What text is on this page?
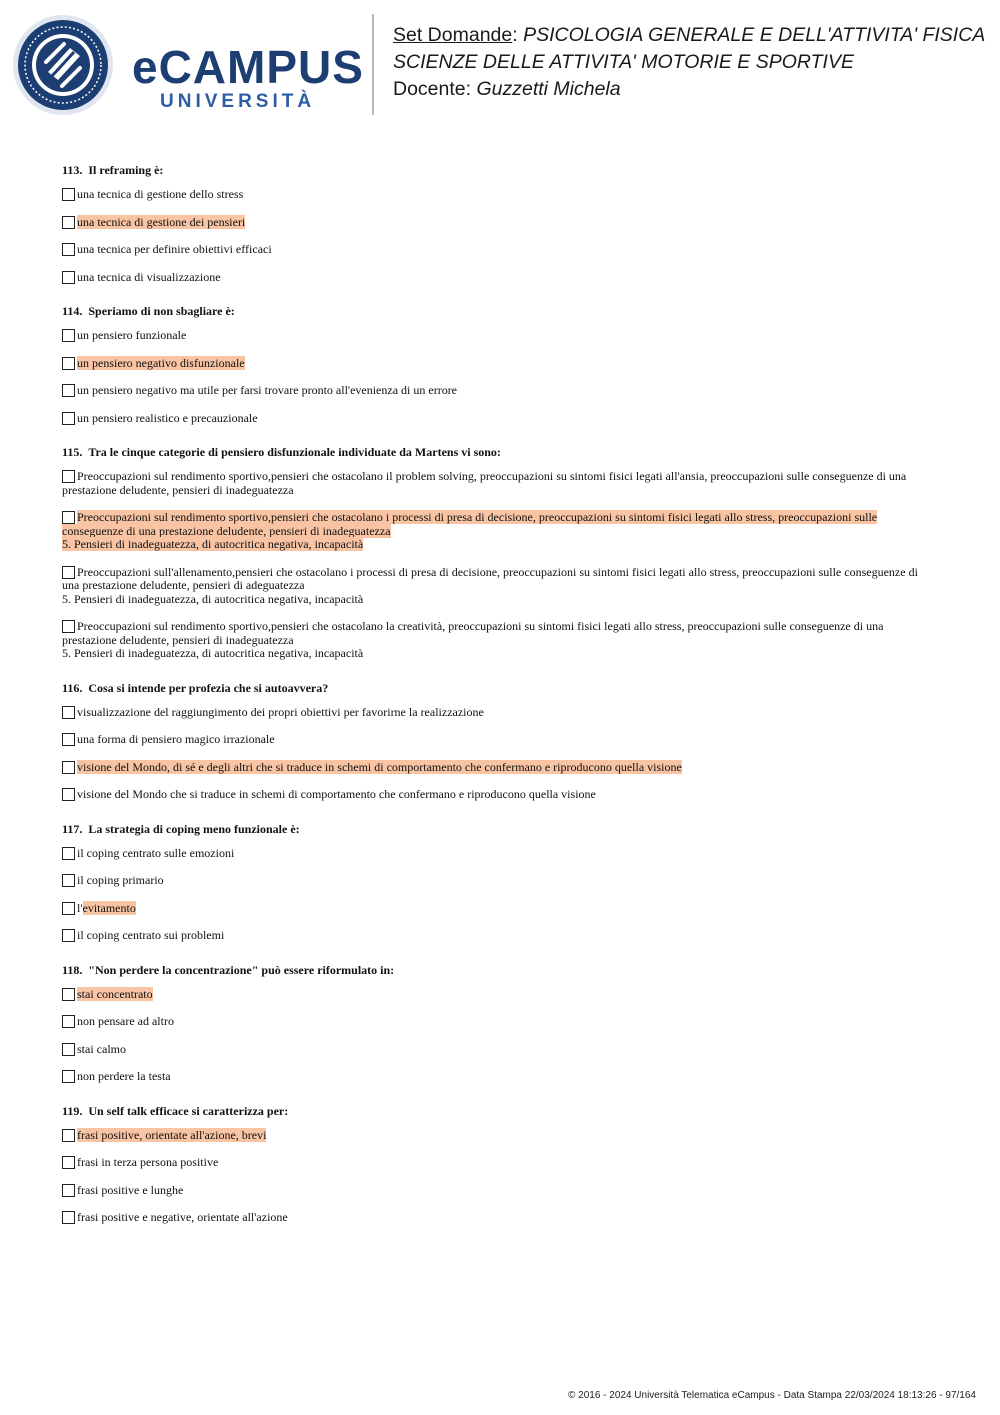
eCAMPUS
UNIVERSITÀ
Set Domande: PSICOLOGIA GENERALE E DELL'ATTIVITA' FISICA
SCIENZE DELLE ATTIVITA' MOTORIE E SPORTIVE
Docente: Guzzetti Michela
113. Il reframing è:
una tecnica di gestione dello stress
una tecnica di gestione dei pensieri
una tecnica per definire obiettivi efficaci
una tecnica di visualizzazione
114. Speriamo di non sbagliare è:
un pensiero funzionale
un pensiero negativo disfunzionale
un pensiero negativo ma utile per farsi trovare pronto all'evenienza di un errore
un pensiero realistico e precauzionale
115. Tra le cinque categorie di pensiero disfunzionale individuate da Martens vi sono:
Preoccupazioni sul rendimento sportivo,pensieri che ostacolano il problem solving, preoccupazioni su sintomi fisici legati all'ansia, preoccupazioni sulle conseguenze di una prestazione deludente, pensieri di inadeguatezza
Preoccupazioni sul rendimento sportivo,pensieri che ostacolano i processi di presa di decisione, preoccupazioni su sintomi fisici legati allo stress, preoccupazioni sulle conseguenze di una prestazione deludente, pensieri di inadeguatezza
5. Pensieri di inadeguatezza, di autocritica negativa, incapacità
Preoccupazioni sull'allenamento,pensieri che ostacolano i processi di presa di decisione, preoccupazioni su sintomi fisici legati allo stress, preoccupazioni sulle conseguenze di una prestazione deludente, pensieri di adeguatezza
5. Pensieri di inadeguatezza, di autocritica negativa, incapacità
Preoccupazioni sul rendimento sportivo,pensieri che ostacolano la creatività, preoccupazioni su sintomi fisici legati allo stress, preoccupazioni sulle conseguenze di una prestazione deludente, pensieri di inadeguatezza
5. Pensieri di inadeguatezza, di autocritica negativa, incapacità
116. Cosa si intende per profezia che si autoavvera?
visualizzazione del raggiungimento dei propri obiettivi per favorirne la realizzazione
una forma di pensiero magico irrazionale
visione del Mondo, di sé e degli altri che si traduce in schemi di comportamento che confermano e riproducono quella visione
visione del Mondo che si traduce in schemi di comportamento che confermano e riproducono quella visione
117. La strategia di coping meno funzionale è:
il coping centrato sulle emozioni
il coping primario
l'evitamento
il coping centrato sui problemi
118. "Non perdere la concentrazione" può essere riformulato in:
stai concentrato
non pensare ad altro
stai calmo
non perdere la testa
119. Un self talk efficace si caratterizza per:
frasi positive, orientate all'azione, brevi
frasi in terza persona positive
frasi positive e lunghe
frasi positive e negative, orientate all'azione
© 2016 - 2024 Università Telematica eCampus - Data Stampa 22/03/2024 18:13:26 - 97/164
